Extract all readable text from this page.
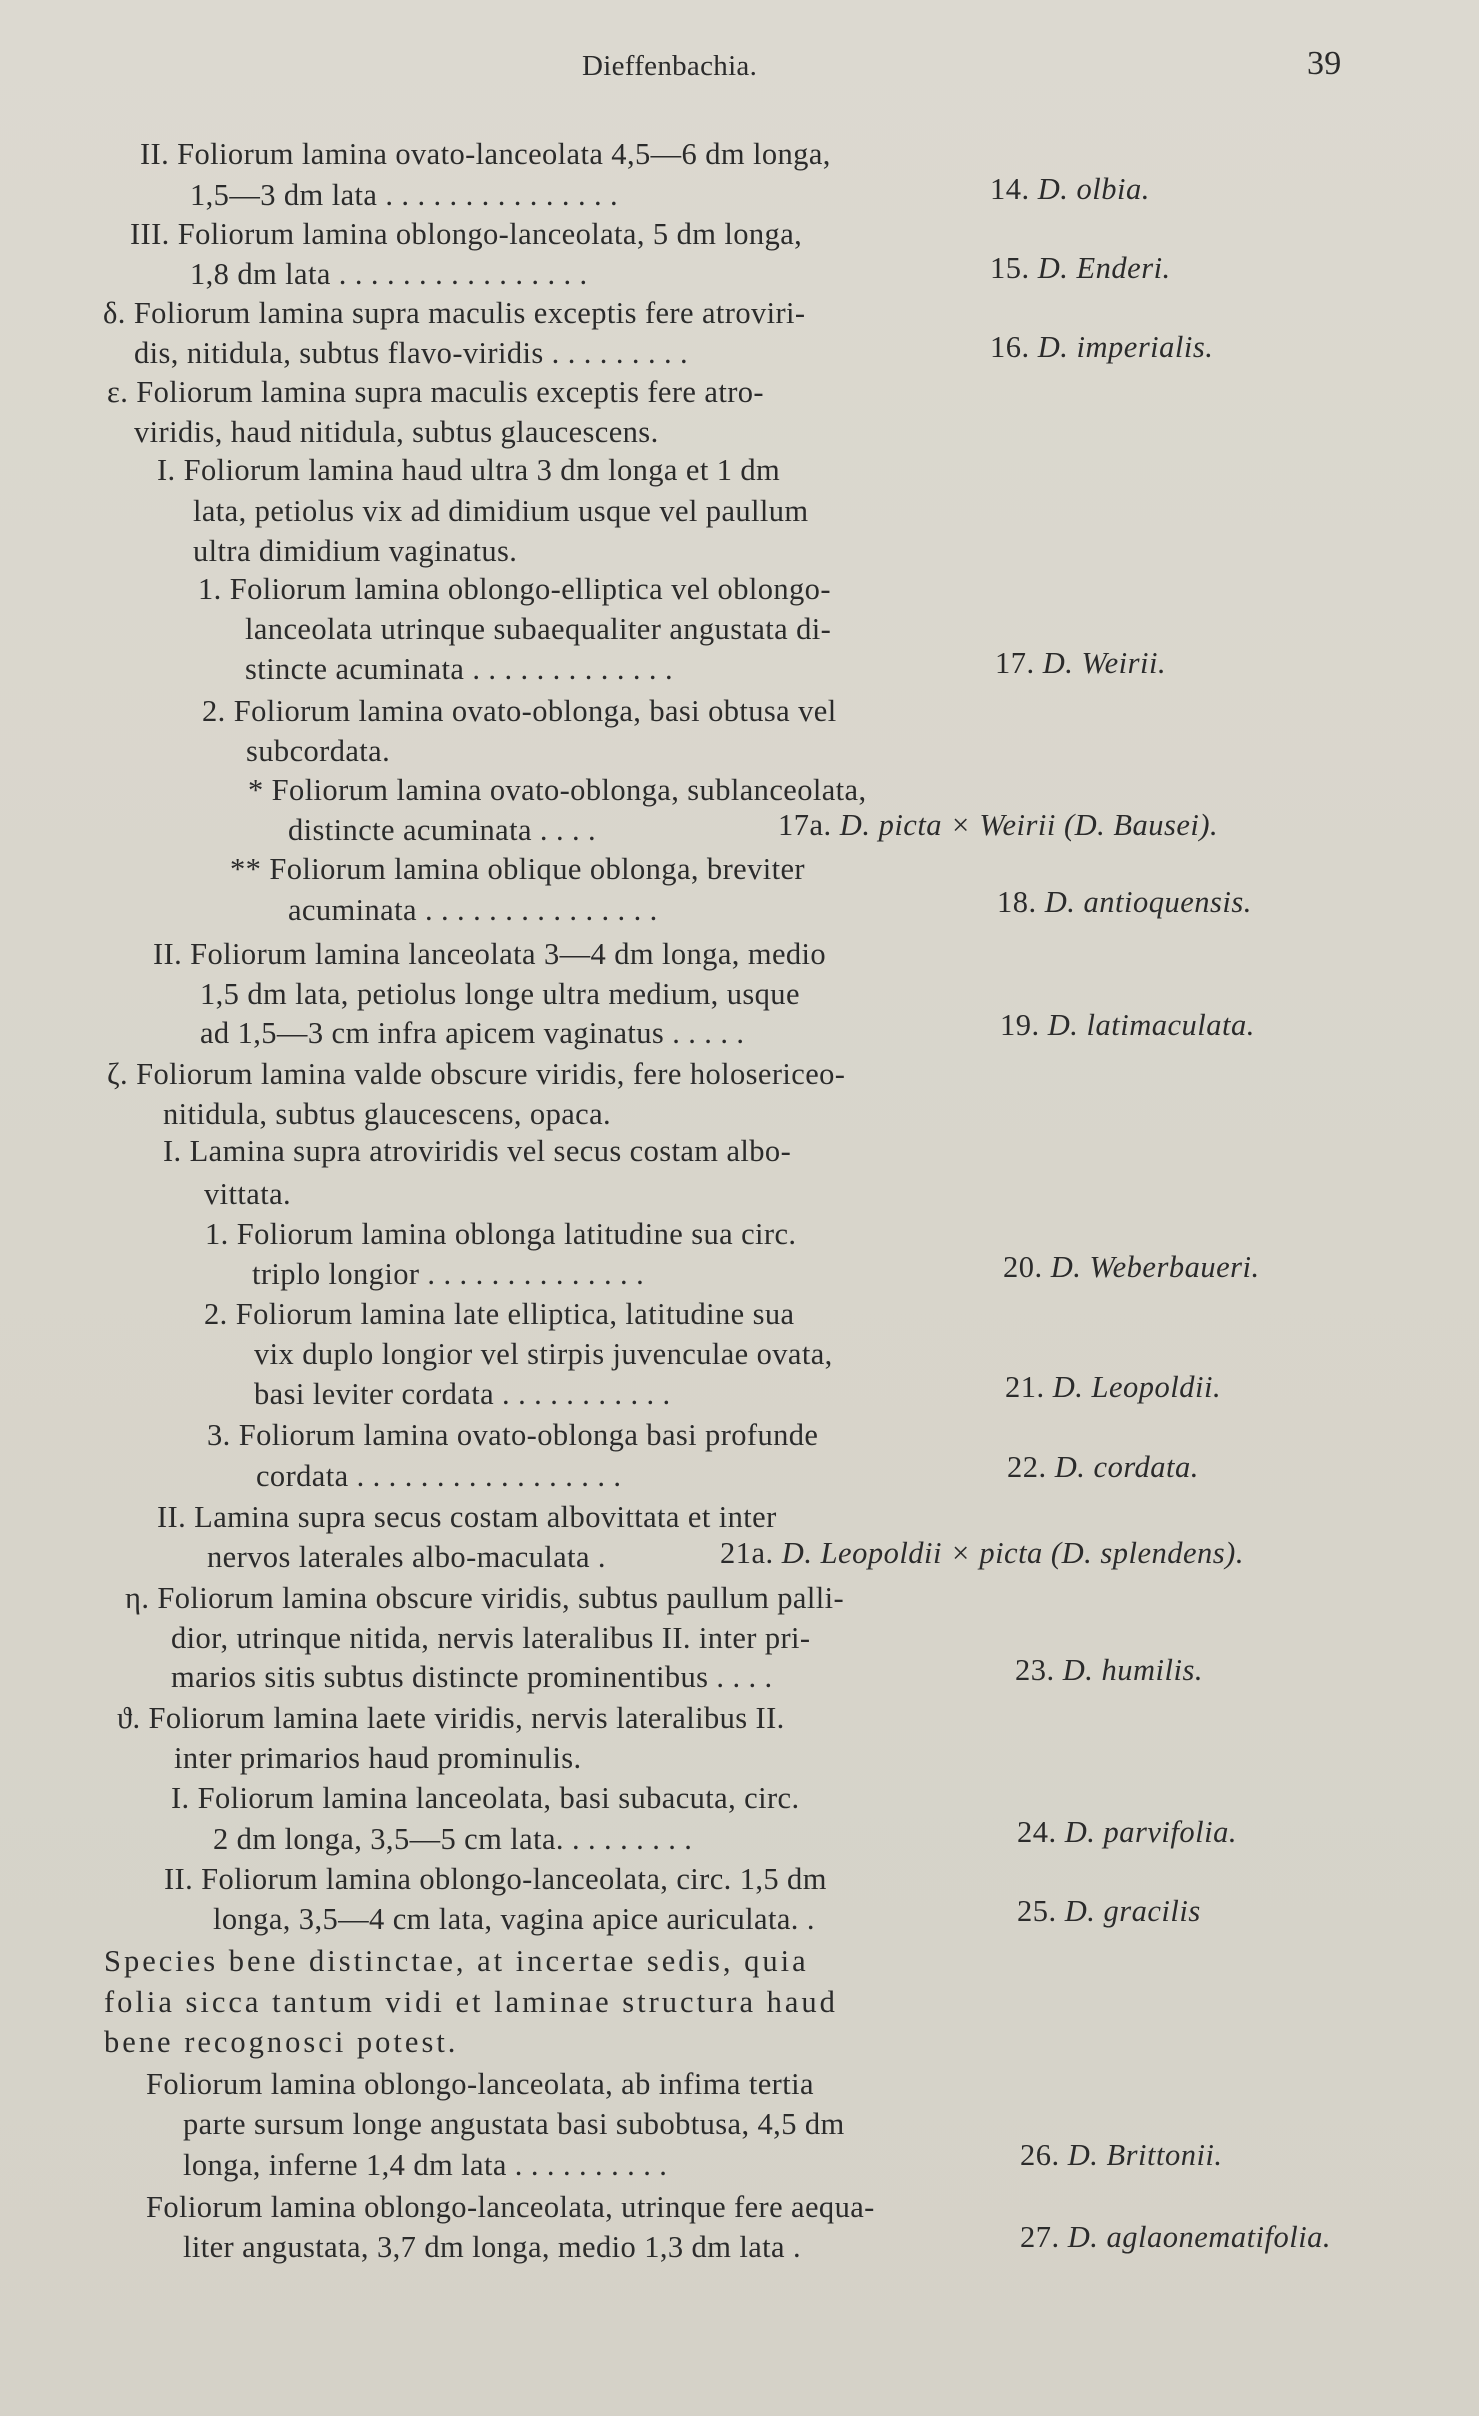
Dieffenbachia.	39
II. Foliorum lamina ovato-lanceolata 4,5—6 dm longa,
1,5—3 dm lata . . . . . . . . . . . . . . .
III. Foliorum lamina oblongo-lanceolata, 5 dm longa,
1,8 dm lata . . . . . . . . . . . . . . . .
δ. Foliorum lamina supra maculis exceptis fere atroviri-
dis, nitidula, subtus flavo-viridis . . . . . . . . .
ε. Foliorum lamina supra maculis exceptis fere atro-
viridis, haud nitidula, subtus glaucescens.
I. Foliorum lamina haud ultra 3 dm longa et 1 dm
lata, petiolus vix ad dimidium usque vel paullum
ultra dimidium vaginatus.
1. Foliorum lamina oblongo-elliptica vel oblongo-
lanceolata utrinque subaequaliter angustata di-
stincte acuminata . . . . . . . . . . . . .
2. Foliorum lamina ovato-oblonga, basi obtusa vel
subcordata.
* Foliorum lamina ovato-oblonga, sublanceolata,
distincte acuminata . . . .
** Foliorum lamina oblique oblonga, breviter
acuminata . . . . . . . . . . . . . . .
II. Foliorum lamina lanceolata 3—4 dm longa, medio
1,5 dm lata, petiolus longe ultra medium, usque
ad 1,5—3 cm infra apicem vaginatus . . . . .
ζ. Foliorum lamina valde obscure viridis, fere holosericeo-
nitidula, subtus glaucescens, opaca.
I. Lamina supra atroviridis vel secus costam albo-
vittata.
1. Foliorum lamina oblonga latitudine sua circ.
triplo longior . . . . . . . . . . . . . .
2. Foliorum lamina late elliptica, latitudine sua
vix duplo longior vel stirpis juvenculae ovata,
basi leviter cordata . . . . . . . . . . .
3. Foliorum lamina ovato-oblonga basi profunde
cordata . . . . . . . . . . . . . . . . .
II. Lamina supra secus costam albovittata et inter
nervos laterales albo-maculata .
η. Foliorum lamina obscure viridis, subtus paullum palli-
dior, utrinque nitida, nervis lateralibus II. inter pri-
marios sitis subtus distincte prominentibus . . . .
ϑ. Foliorum lamina laete viridis, nervis lateralibus II.
inter primarios haud prominulis.
I. Foliorum lamina lanceolata, basi subacuta, circ.
2 dm longa, 3,5—5 cm lata. . . . . . . . .
II. Foliorum lamina oblongo-lanceolata, circ. 1,5 dm
longa, 3,5—4 cm lata, vagina apice auriculata. .
Species bene distinctae, at incertae sedis, quia
folia sicca tantum vidi et laminae structura haud
bene recognosci potest.
Foliorum lamina oblongo-lanceolata, ab infima tertia
parte sursum longe angustata basi subobtusa, 4,5 dm
longa, inferne 1,4 dm lata . . . . . . . . . .
Foliorum lamina oblongo-lanceolata, utrinque fere aequa-
liter angustata, 3,7 dm longa, medio 1,3 dm lata .
14. D. olbia.
15. D. Enderi.
16. D. imperialis.
17. D. Weirii.
17a. D. picta × Weirii (D. Bausei).
18. D. antioquensis.
19. D. latimaculata.
20. D. Weberbaueri.
21. D. Leopoldii.
22. D. cordata.
21a. D. Leopoldii × picta (D. splendens).
23. D. humilis.
24. D. parvifolia.
25. D. gracilis
26. D. Brittonii.
27. D. aglaonematifolia.
